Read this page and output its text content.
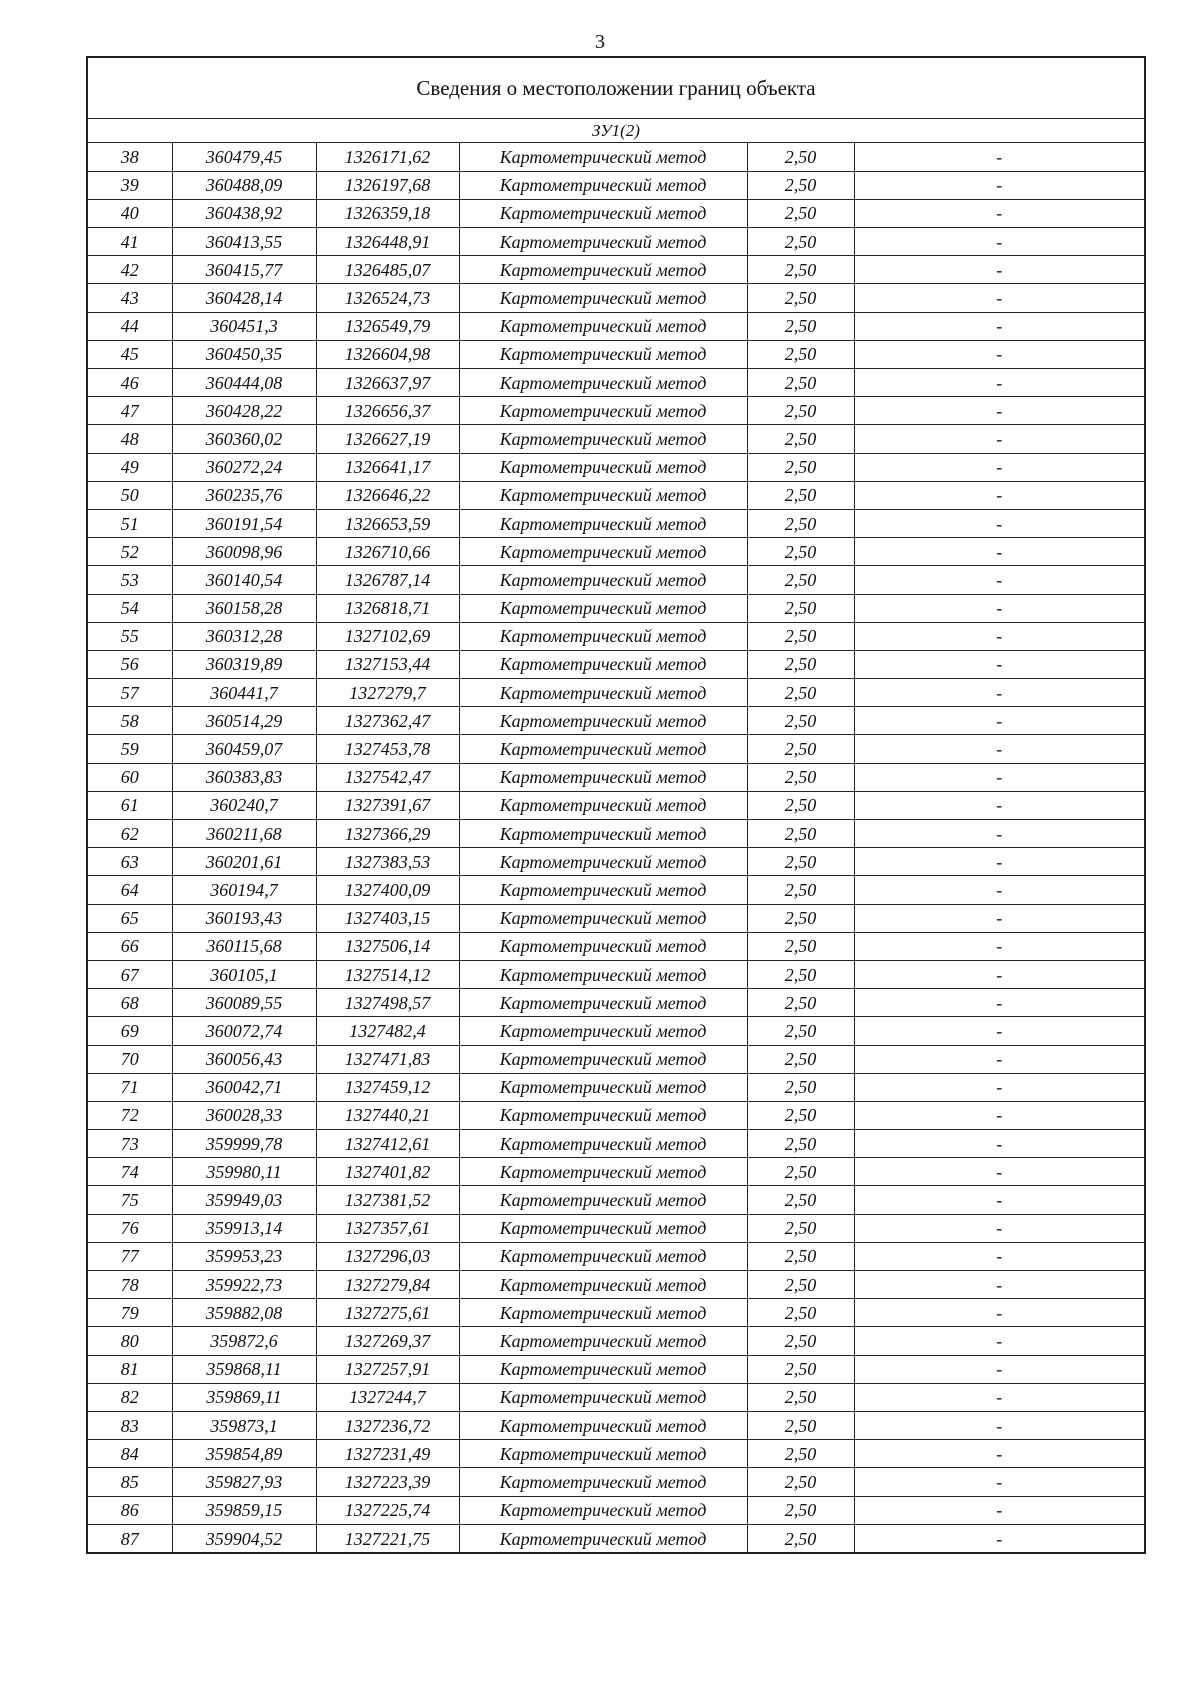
3
Сведения о местоположении границ объекта
ЗУ1(2)
38	360479,45	1326171,62	Картометрический метод	2,50	-
39	360488,09	1326197,68	Картометрический метод	2,50	-
40	360438,92	1326359,18	Картометрический метод	2,50	-
41	360413,55	1326448,91	Картометрический метод	2,50	-
42	360415,77	1326485,07	Картометрический метод	2,50	-
43	360428,14	1326524,73	Картометрический метод	2,50	-
44	360451,3	1326549,79	Картометрический метод	2,50	-
45	360450,35	1326604,98	Картометрический метод	2,50	-
46	360444,08	1326637,97	Картометрический метод	2,50	-
47	360428,22	1326656,37	Картометрический метод	2,50	-
48	360360,02	1326627,19	Картометрический метод	2,50	-
49	360272,24	1326641,17	Картометрический метод	2,50	-
50	360235,76	1326646,22	Картометрический метод	2,50	-
51	360191,54	1326653,59	Картометрический метод	2,50	-
52	360098,96	1326710,66	Картометрический метод	2,50	-
53	360140,54	1326787,14	Картометрический метод	2,50	-
54	360158,28	1326818,71	Картометрический метод	2,50	-
55	360312,28	1327102,69	Картометрический метод	2,50	-
56	360319,89	1327153,44	Картометрический метод	2,50	-
57	360441,7	1327279,7	Картометрический метод	2,50	-
58	360514,29	1327362,47	Картометрический метод	2,50	-
59	360459,07	1327453,78	Картометрический метод	2,50	-
60	360383,83	1327542,47	Картометрический метод	2,50	-
61	360240,7	1327391,67	Картометрический метод	2,50	-
62	360211,68	1327366,29	Картометрический метод	2,50	-
63	360201,61	1327383,53	Картометрический метод	2,50	-
64	360194,7	1327400,09	Картометрический метод	2,50	-
65	360193,43	1327403,15	Картометрический метод	2,50	-
66	360115,68	1327506,14	Картометрический метод	2,50	-
67	360105,1	1327514,12	Картометрический метод	2,50	-
68	360089,55	1327498,57	Картометрический метод	2,50	-
69	360072,74	1327482,4	Картометрический метод	2,50	-
70	360056,43	1327471,83	Картометрический метод	2,50	-
71	360042,71	1327459,12	Картометрический метод	2,50	-
72	360028,33	1327440,21	Картометрический метод	2,50	-
73	359999,78	1327412,61	Картометрический метод	2,50	-
74	359980,11	1327401,82	Картометрический метод	2,50	-
75	359949,03	1327381,52	Картометрический метод	2,50	-
76	359913,14	1327357,61	Картометрический метод	2,50	-
77	359953,23	1327296,03	Картометрический метод	2,50	-
78	359922,73	1327279,84	Картометрический метод	2,50	-
79	359882,08	1327275,61	Картометрический метод	2,50	-
80	359872,6	1327269,37	Картометрический метод	2,50	-
81	359868,11	1327257,91	Картометрический метод	2,50	-
82	359869,11	1327244,7	Картометрический метод	2,50	-
83	359873,1	1327236,72	Картометрический метод	2,50	-
84	359854,89	1327231,49	Картометрический метод	2,50	-
85	359827,93	1327223,39	Картометрический метод	2,50	-
86	359859,15	1327225,74	Картометрический метод	2,50	-
87	359904,52	1327221,75	Картометрический метод	2,50	-
